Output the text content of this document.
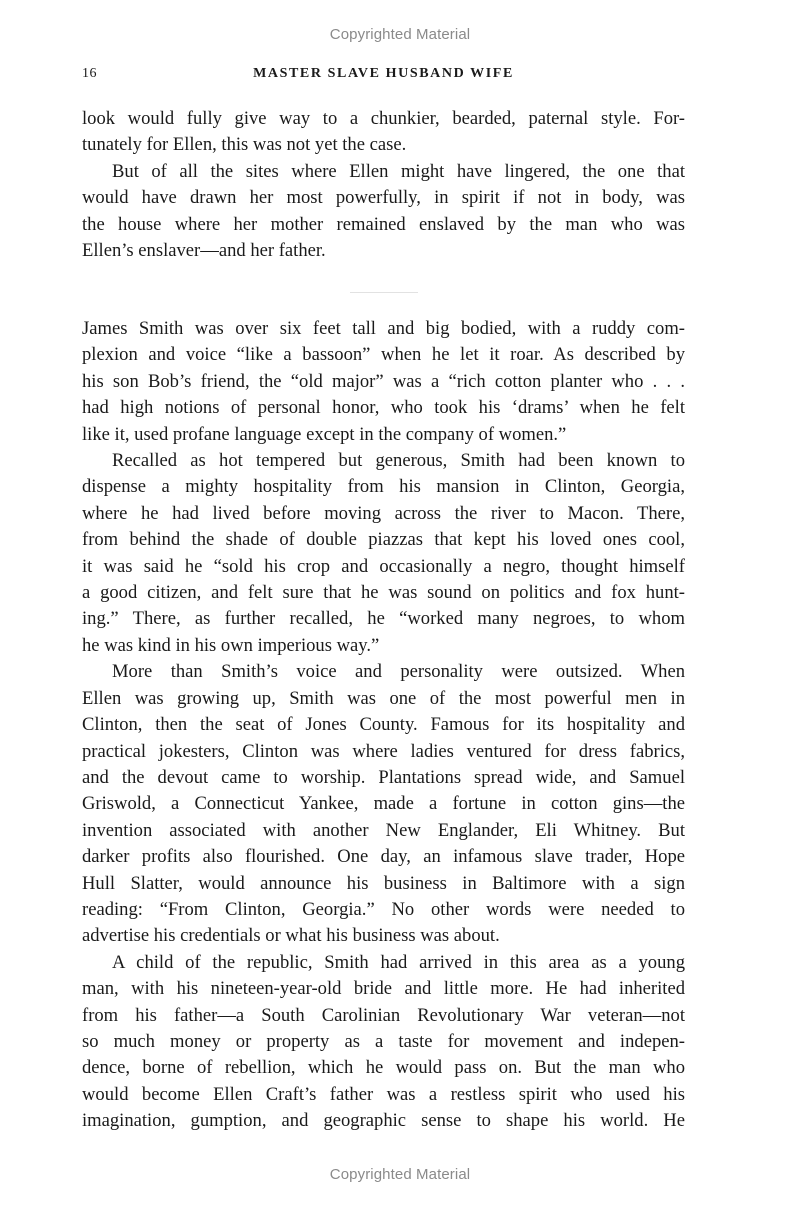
Copyrighted Material
16	MASTER SLAVE HUSBAND WIFE
look would fully give way to a chunkier, bearded, paternal style. For-
tunately for Ellen, this was not yet the case.
But of all the sites where Ellen might have lingered, the one that
would have drawn her most powerfully, in spirit if not in body, was
the house where her mother remained enslaved by the man who was
Ellen’s enslaver—and her father.
James Smith was over six feet tall and big bodied, with a ruddy com-
plexion and voice “like a bassoon” when he let it roar. As described by
his son Bob’s friend, the “old major” was a “rich cotton planter who . . .
had high notions of personal honor, who took his ‘drams’ when he felt
like it, used profane language except in the company of women.”
Recalled as hot tempered but generous, Smith had been known to
dispense a mighty hospitality from his mansion in Clinton, Georgia,
where he had lived before moving across the river to Macon. There,
from behind the shade of double piazzas that kept his loved ones cool,
it was said he “sold his crop and occasionally a negro, thought himself
a good citizen, and felt sure that he was sound on politics and fox hunt-
ing.” There, as further recalled, he “worked many negroes, to whom
he was kind in his own imperious way.”
More than Smith’s voice and personality were outsized. When
Ellen was growing up, Smith was one of the most powerful men in
Clinton, then the seat of Jones County. Famous for its hospitality and
practical jokesters, Clinton was where ladies ventured for dress fabrics,
and the devout came to worship. Plantations spread wide, and Samuel
Griswold, a Connecticut Yankee, made a fortune in cotton gins—the
invention associated with another New Englander, Eli Whitney. But
darker profits also flourished. One day, an infamous slave trader, Hope
Hull Slatter, would announce his business in Baltimore with a sign
reading: “From Clinton, Georgia.” No other words were needed to
advertise his credentials or what his business was about.
A child of the republic, Smith had arrived in this area as a young
man, with his nineteen-year-old bride and little more. He had inherited
from his father—a South Carolinian Revolutionary War veteran—not
so much money or property as a taste for movement and indepen-
dence, borne of rebellion, which he would pass on. But the man who
would become Ellen Craft’s father was a restless spirit who used his
imagination, gumption, and geographic sense to shape his world. He
Copyrighted Material
